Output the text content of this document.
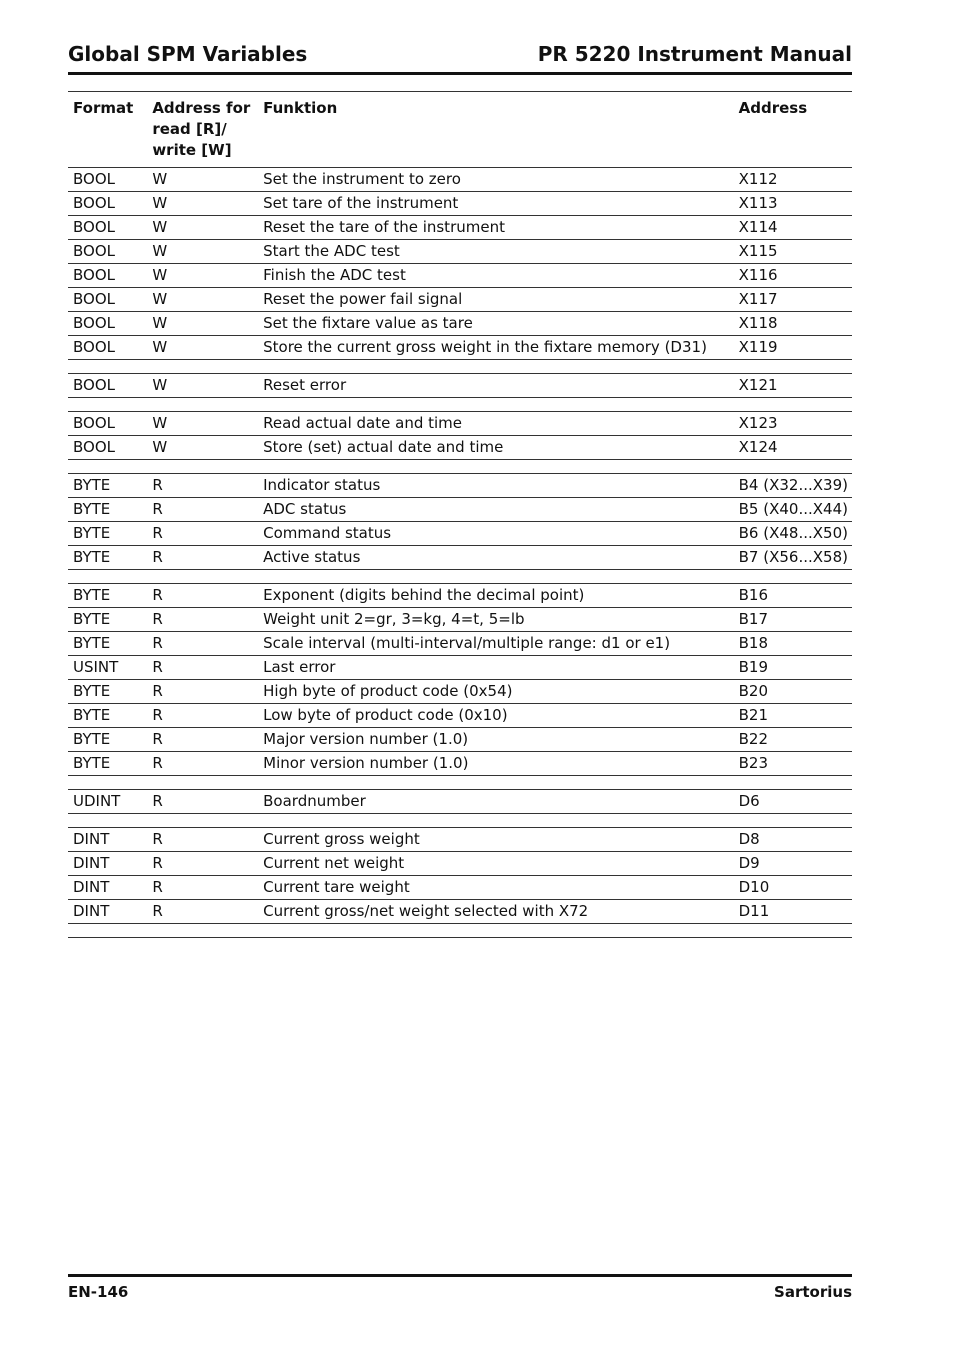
Global SPM Variables	PR 5220 Instrument Manual
Format	Address for
read [R]/
write [W]	Funktion	Address
BOOL	W	Set the instrument to zero	X112
BOOL	W	Set tare of the instrument	X113
BOOL	W	Reset the tare of the instrument	X114
BOOL	W	Start the ADC test	X115
BOOL	W	Finish the ADC test	X116
BOOL	W	Reset the power fail signal	X117
BOOL	W	Set the fixtare value as tare	X118
BOOL	W	Store the current gross weight in the fixtare memory (D31)	X119

BOOL	W	Reset error	X121

BOOL	W	Read actual date and time	X123
BOOL	W	Store (set) actual date and time	X124

BYTE	R	Indicator status	B4 (X32...X39)
BYTE	R	ADC status	B5 (X40...X44)
BYTE	R	Command status	B6 (X48...X50)
BYTE	R	Active status	B7 (X56...X58)

BYTE	R	Exponent (digits behind the decimal point)	B16
BYTE	R	Weight unit 2=gr, 3=kg, 4=t, 5=lb	B17
BYTE	R	Scale interval (multi-interval/multiple range: d1 or e1)	B18
USINT	R	Last error	B19
BYTE	R	High byte of product code (0x54)	B20
BYTE	R	Low byte of product code (0x10)	B21
BYTE	R	Major version number (1.0)	B22
BYTE	R	Minor version number (1.0)	B23

UDINT	R	Boardnumber	D6

DINT	R	Current gross weight	D8
DINT	R	Current net weight	D9
DINT	R	Current tare weight	D10
DINT	R	Current gross/net weight selected with X72	D11

EN-146	Sartorius
